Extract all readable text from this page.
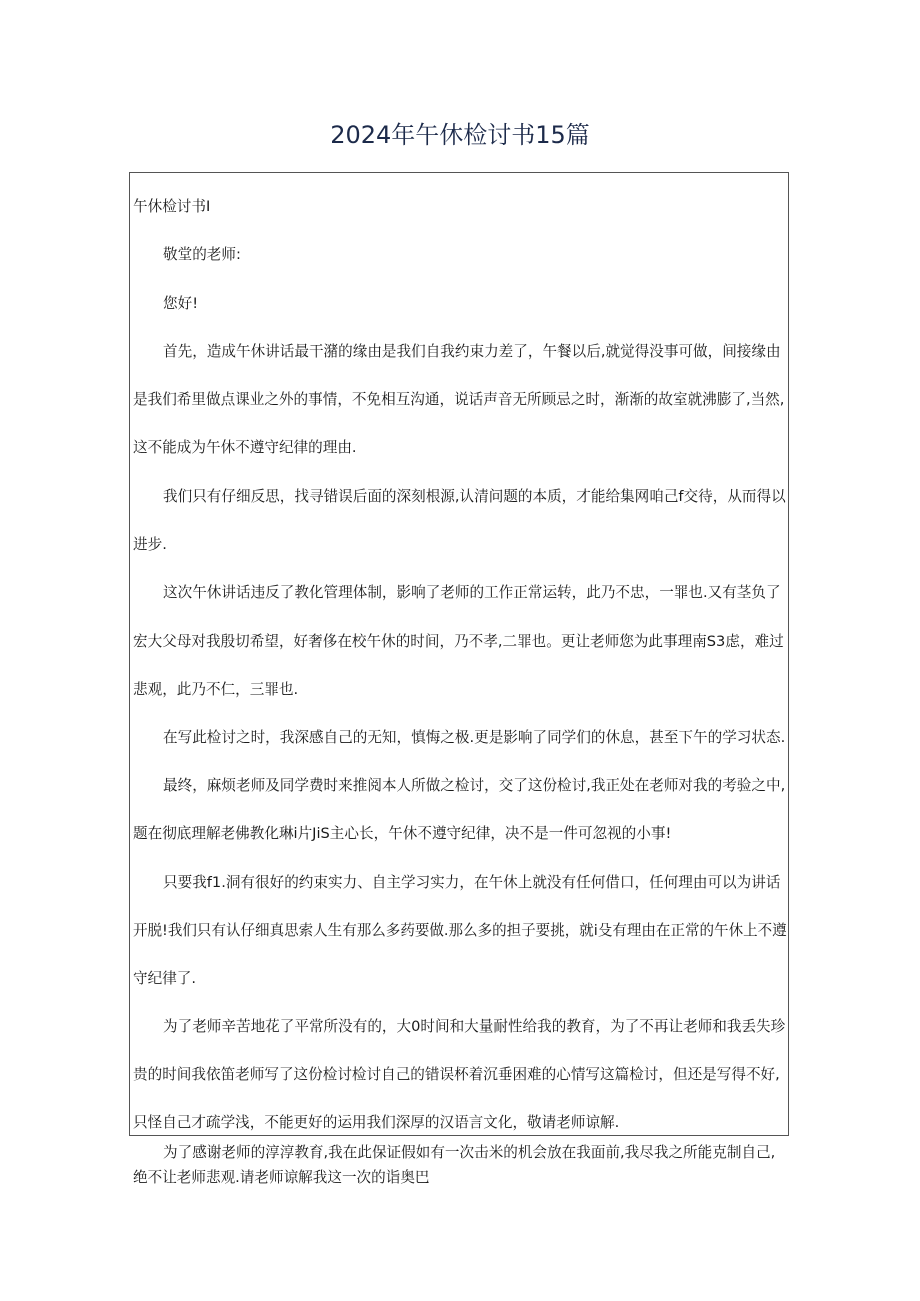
2024年午休检讨书15篇
午休检讨书I
敬堂的老师:
您好!
首先，造成午休讲话最干潴的缘由是我们自我约束力差了，午餐以后,就觉得没事可做，间接缘由
是我们希里做点课业之外的事情，不免相互沟通，说话声音无所顾忌之时，渐渐的故室就沸膨了,当然,
这不能成为午休不遵守纪律的理由.
我们只有仔细反思，找寻错误后面的深刻根源,认清问题的本质，才能给集网咱己f交待，从而得以
进步.
这次午休讲话违反了教化管理体制，影响了老师的工作正常运转，此乃不忠，一罪也.又有茎负了
宏大父母对我殷切希望，好奢侈在校午休的时间，乃不孝,二罪也。更让老师您为此事理南S3虑，难过
悲观，此乃不仁，三罪也.
在写此检讨之时，我深感自己的无知，慎悔之极.更是影响了同学们的休息，甚至下午的学习状态.
最终，麻烦老师及同学费时来推阅本人所做之检讨，交了这份检讨,我正处在老师对我的考验之中,
题在彻底理解老佛教化琳i片JiS主心长，午休不遵守纪律，决不是一件可忽视的小事!
只要我f1.洞有很好的约束实力、自主学习实力，在午休上就没有任何借口，任何理由可以为讲话
开脱!我们只有认仔细真思索人生有那么多药要做.那么多的担子要挑，就i殳有理由在正常的午休上不遵
守纪律了.
为了老师辛苦地花了平常所没有的，大0时间和大量耐性给我的教育，为了不再让老师和我丢失珍
贵的时间我依笛老师写了这份检讨检讨自己的错误杯着沉垂困难的心情写这篇检讨，但还是写得不好,
只怪自己才疏学浅，不能更好的运用我们深厚的汉语言文化，敬请老师谅解.
为了感谢老师的淳淳教育,我在此保证假如有一次击米的机会放在我面前,我尽我之所能克制自己,
绝不让老师悲观.请老师谅解我这一次的诣奥巴
